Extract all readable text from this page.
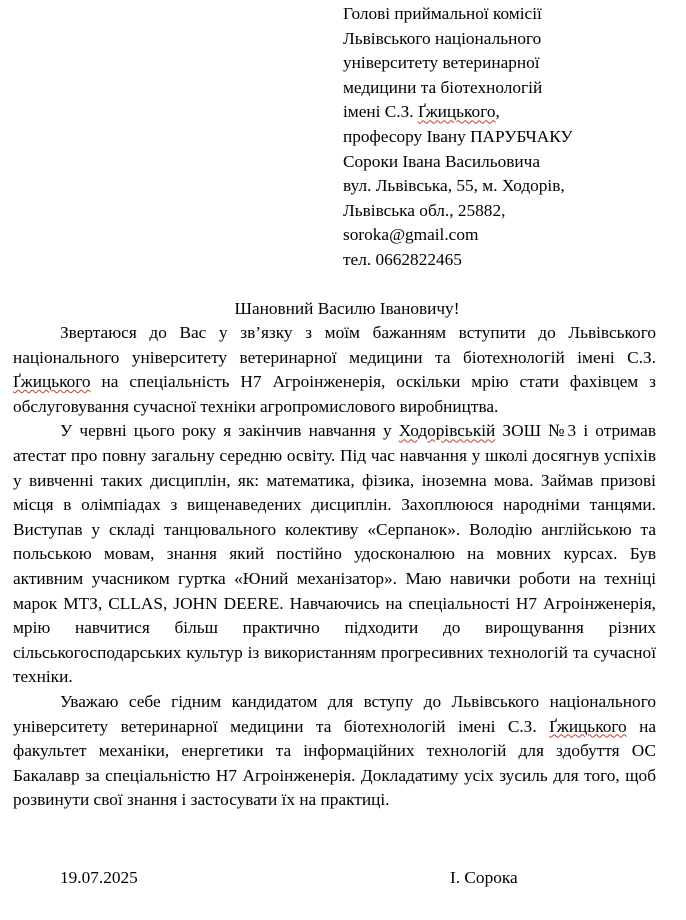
Голові приймальної комісії
Львівського національного
університету ветеринарної
медицини та біотехнологій
імені С.З. Ґжицького,
професору Івану ПАРУБЧАКУ
Сороки Івана Васильовича
вул. Львівська, 55, м. Ходорів,
Львівська обл., 25882,
soroka@gmail.com
тел. 0662822465
Шановний Василю Івановичу!

Звертаюся до Вас у зв’язку з моїм бажанням вступити до Львівського національного університету ветеринарної медицини та біотехнологій імені С.З. Ґжицького на спеціальність Н7 Агроінженерія, оскільки мрію стати фахівцем з обслуговування сучасної техніки агропромислового виробництва.

У червні цього року я закінчив навчання у Ходорівській ЗОШ №3 і отримав атестат про повну загальну середню освіту. Під час навчання у школі досягнув успіхів у вивченні таких дисциплін, як: математика, фізика, іноземна мова. Займав призові місця в олімпіадах з вищенаведених дисциплін. Захоплююся народніми танцями. Виступав у складі танцювального колективу «Серпанок». Володію англійською та польською мовам, знання який постійно удосконалюю на мовних курсах. Був активним учасником гуртка «Юний механізатор». Маю навички роботи на техніці марок МТЗ, CLLAS, JOHN DEERE. Навчаючись на спеціальності Н7 Агроінженерія, мрію навчитися більш практично підходити до вирощування різних сільськогосподарських культур із використанням прогресивних технологій та сучасної техніки.

Уважаю себе гідним кандидатом для вступу до Львівського національного університету ветеринарної медицини та біотехнологій імені С.З. Ґжицького на факультет механіки, енергетики та інформаційних технологій для здобуття ОС Бакалавр за спеціальністю Н7 Агроінженерія. Докладатиму усіх зусиль для того, щоб розвинути свої знання і застосувати їх на практиці.

19.07.2025	І. Сорока
